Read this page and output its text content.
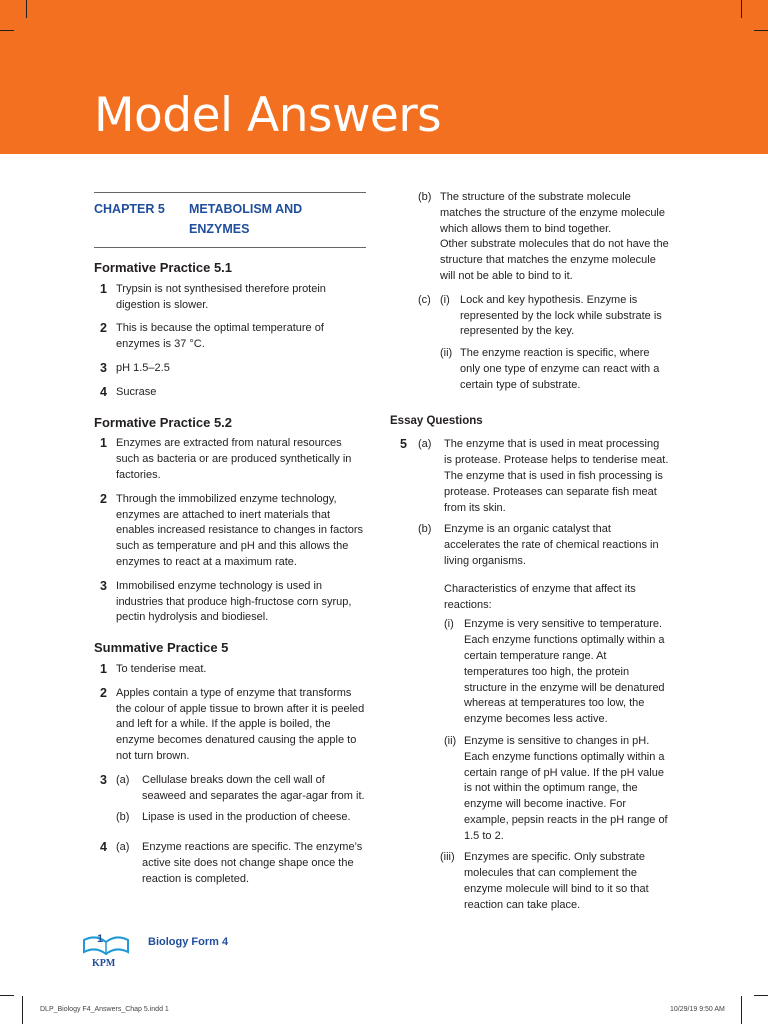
Model Answers
CHAPTER 5	METABOLISM AND
ENZYMES
Formative Practice 5.1
1 Trypsin is not synthesised therefore protein digestion is slower.
2 This is because the optimal temperature of enzymes is 37 °C.
3 pH 1.5–2.5
4 Sucrase
Formative Practice 5.2
1 Enzymes are extracted from natural resources such as bacteria or are produced synthetically in factories.
2 Through the immobilized enzyme technology, enzymes are attached to inert materials that enables increased resistance to changes in factors such as temperature and pH and this allows the enzymes to react at a maximum rate.
3 Immobilised enzyme technology is used in industries that produce high-fructose corn syrup, pectin hydrolysis and biodiesel.
Summative Practice 5
1 To tenderise meat.
2 Apples contain a type of enzyme that transforms the colour of apple tissue to brown after it is peeled and left for a while. If the apple is boiled, the enzyme becomes denatured causing the apple to not turn brown.
3 (a)	Cellulase breaks down the cell wall of seaweed and separates the agar-agar from it.
(b)	Lipase is used in the production of cheese.
4 (a)	Enzyme reactions are specific. The enzyme’s active site does not change shape once the reaction is completed.
(b) The structure of the substrate molecule matches the structure of the enzyme molecule which allows them to bind together.

Other substrate molecules that do not have the structure that matches the enzyme molecule will not be able to bind to it.

(c) (i) Lock and key hypothesis. Enzyme is represented by the lock while substrate is represented by the key.
(ii) The enzyme reaction is specific, where only one type of enzyme can react with a certain type of substrate.
Essay Questions
5	(a)	The enzyme that is used in meat processing is protease. Protease helps to tenderise meat.

The enzyme that is used in fish processing is protease. Proteases can separate fish meat from its skin.

(b)	Enzyme is an organic catalyst that accelerates the rate of chemical reactions in living organisms.

Characteristics of enzyme that affect its reactions:

(i) Enzyme is very sensitive to temperature. Each enzyme functions optimally within a certain temperature range. At temperatures too high, the protein structure in the enzyme will be denatured whereas at temperatures too low, the enzyme becomes less active.
(ii) Enzyme is sensitive to changes in pH. Each enzyme functions optimally within a certain range of pH value. If the pH value is not within the optimum range, the enzyme will become inactive. For example, pepsin reacts in the pH range of 1.5 to 2.
(iii) Enzymes are specific. Only substrate molecules that can complement the enzyme molecule will bind to it so that reaction can take place.
1
KPM
Biology Form 4
DLP_Biology F4_Answers_Chap 5.indd 1	10/29/19 9:50 AM
